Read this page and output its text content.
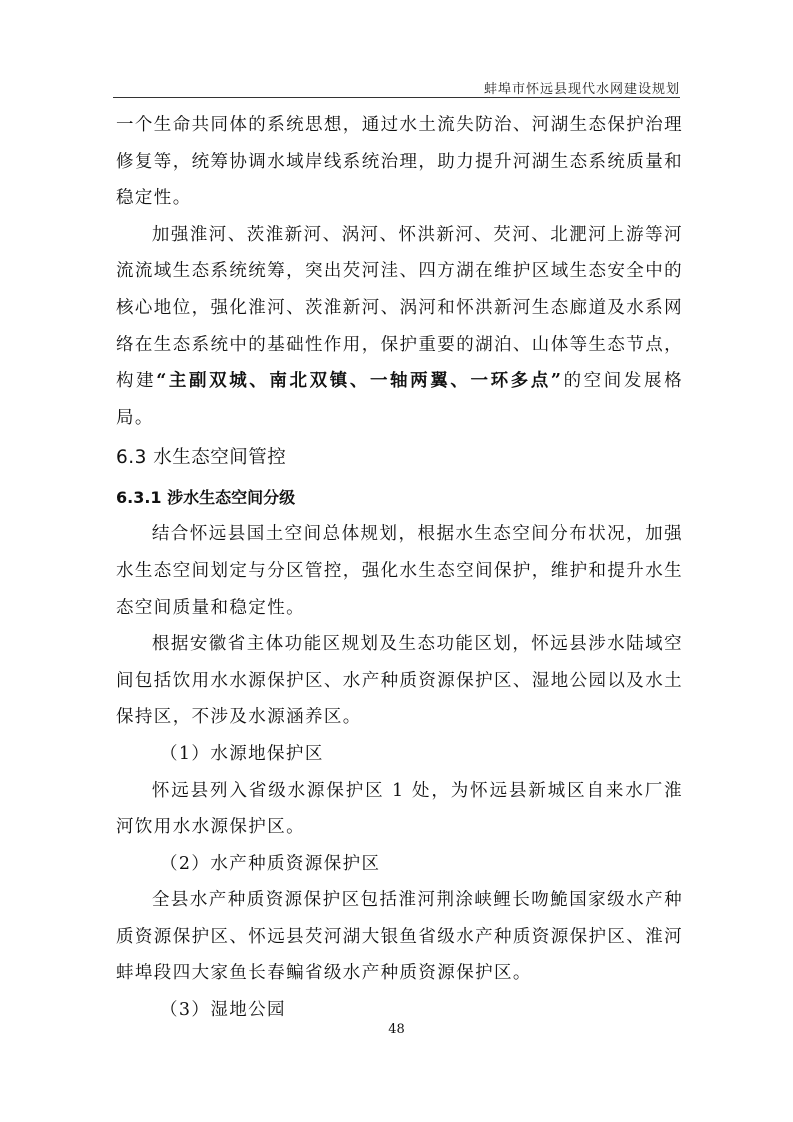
蚌埠市怀远县现代水网建设规划

一个生命共同体的系统思想，通过水土流失防治、河湖生态保护治理修复等，统筹协调水域岸线系统治理，助力提升河湖生态系统质量和稳定性。

加强淮河、茨淮新河、涡河、怀洪新河、芡河、北淝河上游等河流流域生态系统统筹，突出芡河洼、四方湖在维护区域生态安全中的核心地位，强化淮河、茨淮新河、涡河和怀洪新河生态廊道及水系网络在生态系统中的基础性作用，保护重要的湖泊、山体等生态节点，构建“主副双城、南北双镇、一轴两翼、一环多点”的空间发展格局。

6.3 水生态空间管控
6.3.1 涉水生态空间分级

结合怀远县国土空间总体规划，根据水生态空间分布状况，加强水生态空间划定与分区管控，强化水生态空间保护，维护和提升水生态空间质量和稳定性。

根据安徽省主体功能区规划及生态功能区划，怀远县涉水陆域空间包括饮用水水源保护区、水产种质资源保护区、湿地公园以及水土保持区，不涉及水源涵养区。

（1）水源地保护区

怀远县列入省级水源保护区 1 处，为怀远县新城区自来水厂淮河饮用水水源保护区。

（2）水产种质资源保护区

全县水产种质资源保护区包括淮河荆涂峡鲤长吻鮠国家级水产种质资源保护区、怀远县芡河湖大银鱼省级水产种质资源保护区、淮河蚌埠段四大家鱼长春鳊省级水产种质资源保护区。

（3）湿地公园

48
